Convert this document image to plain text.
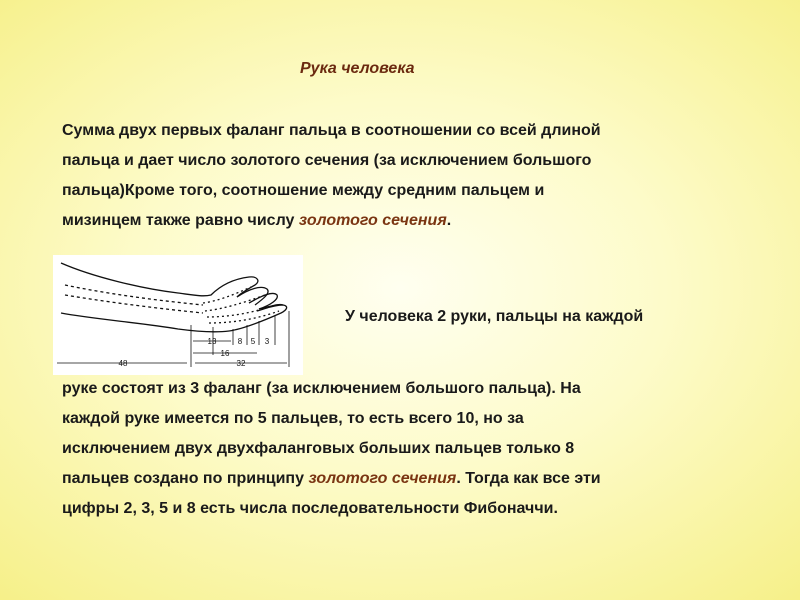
Рука человека
Сумма двух первых фаланг пальца в соотношении со всей длиной
пальца и дает число золотого сечения (за исключением большого
пальца)Кроме того, соотношение между средним пальцем и
мизинцем также равно числу золотого сечения.
13	8 5 3
16
48	32
У человека 2 руки, пальцы на каждой
руке состоят из 3 фаланг (за исключением большого пальца). На
каждой руке имеется по 5 пальцев, то есть всего 10, но за
исключением двух двухфаланговых больших пальцев только 8
пальцев создано по принципу золотого сечения. Тогда как все эти
цифры 2, 3, 5 и 8 есть числа последовательности Фибоначчи.
